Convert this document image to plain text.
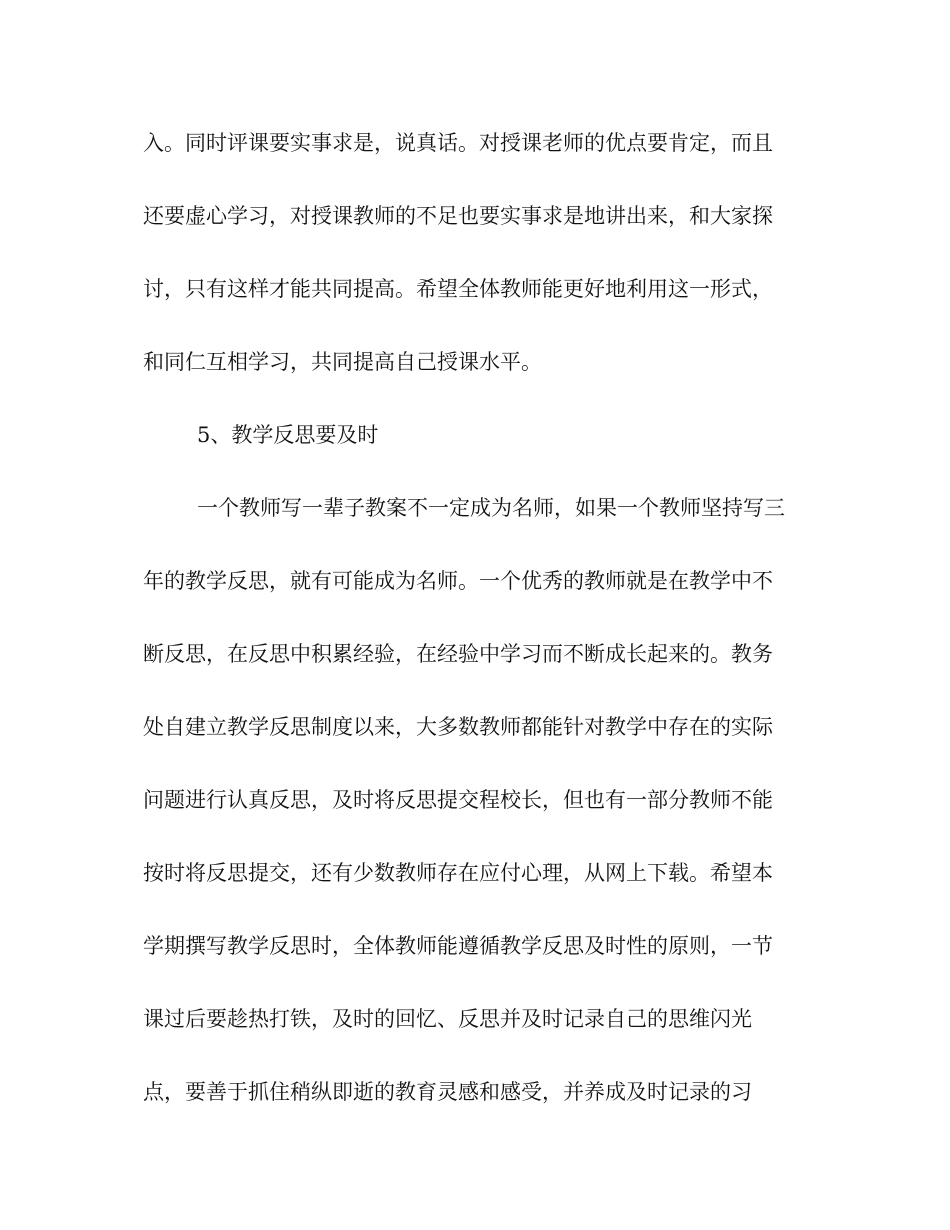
入。同时评课要实事求是，说真话。对授课老师的优点要肯定，而且
还要虚心学习，对授课教师的不足也要实事求是地讲出来，和大家探
讨，只有这样才能共同提高。希望全体教师能更好地利用这一形式，
和同仁互相学习，共同提高自己授课水平。
5、教学反思要及时
一个教师写一辈子教案不一定成为名师，如果一个教师坚持写三
年的教学反思，就有可能成为名师。一个优秀的教师就是在教学中不
断反思，在反思中积累经验，在经验中学习而不断成长起来的。教务
处自建立教学反思制度以来，大多数教师都能针对教学中存在的实际
问题进行认真反思，及时将反思提交程校长，但也有一部分教师不能
按时将反思提交，还有少数教师存在应付心理，从网上下载。希望本
学期撰写教学反思时，全体教师能遵循教学反思及时性的原则，一节
课过后要趁热打铁，及时的回忆、反思并及时记录自己的思维闪光
点，要善于抓住稍纵即逝的教育灵感和感受，并养成及时记录的习
